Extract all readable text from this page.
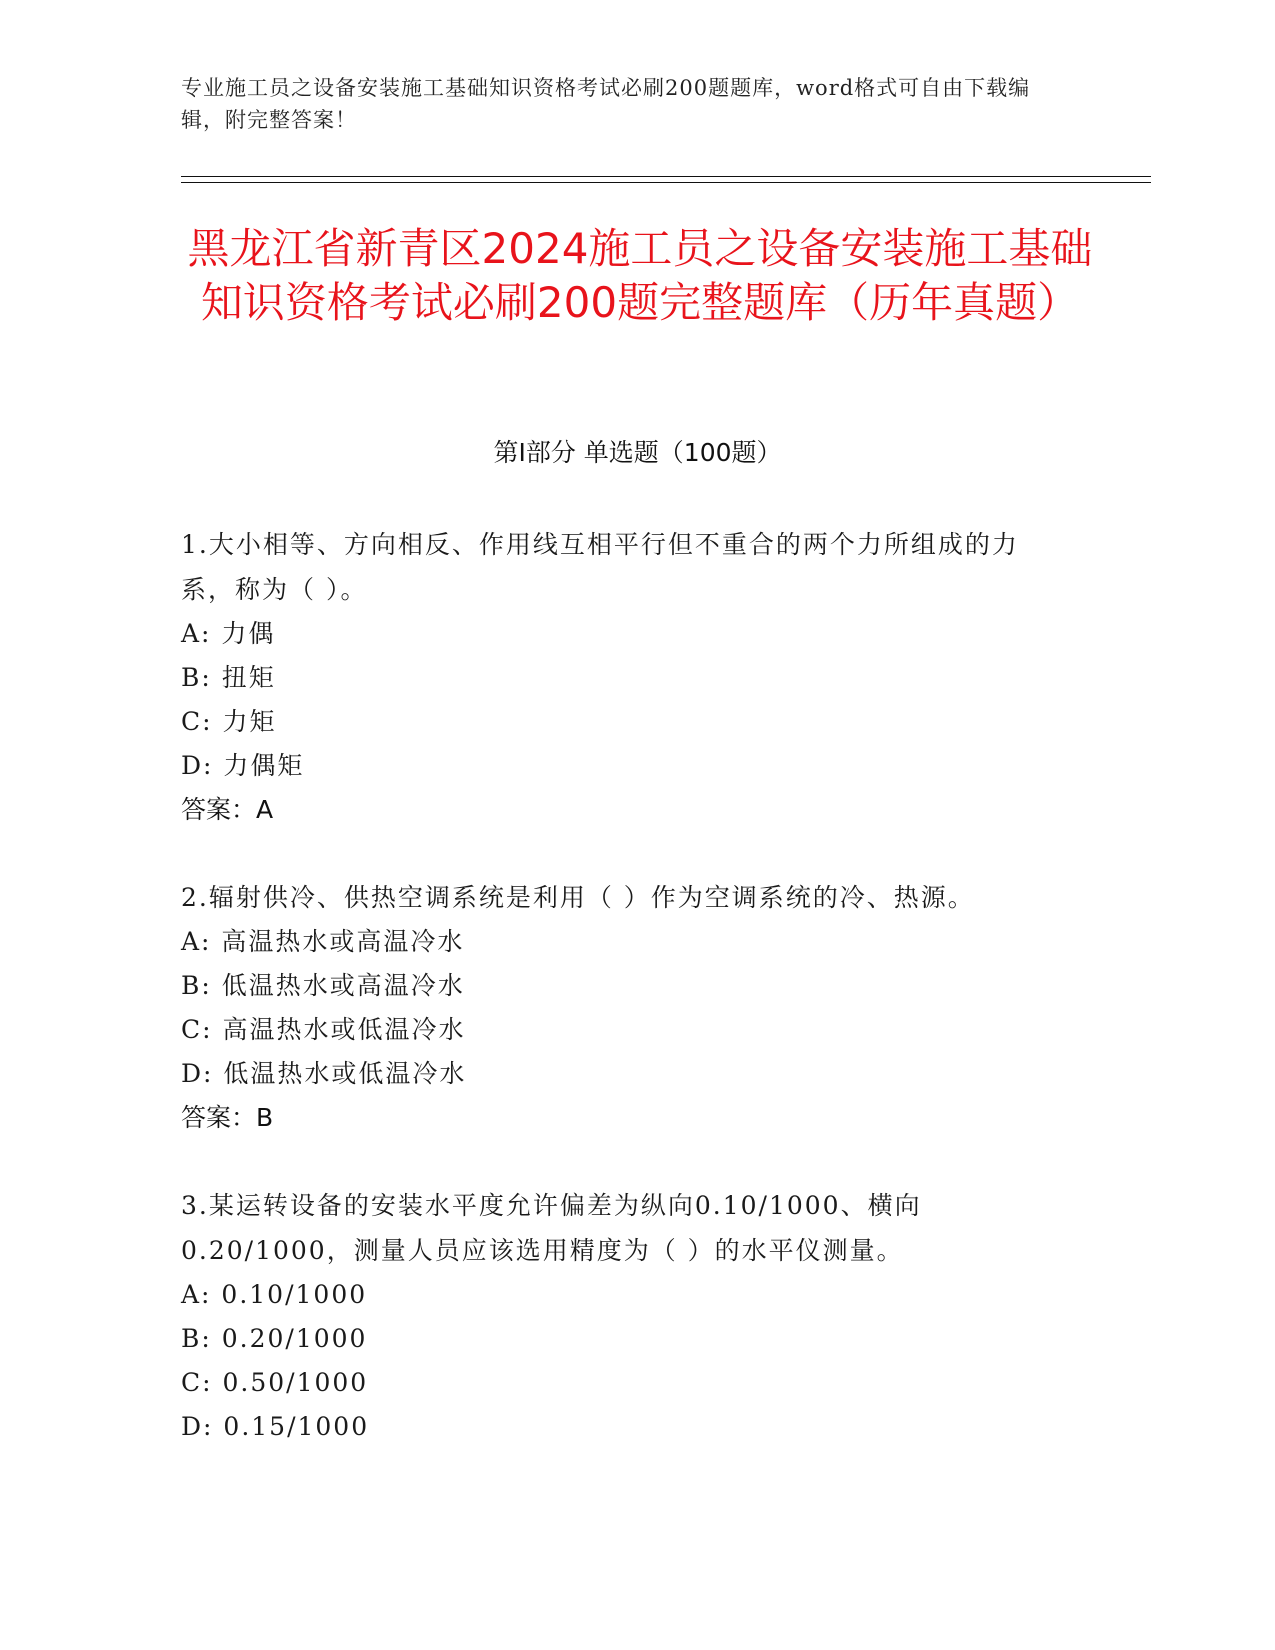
专业施工员之设备安装施工基础知识资格考试必刷200题题库，word格式可自由下载编辑，附完整答案！
黑龙江省新青区2024施工员之设备安装施工基础知识资格考试必刷200题完整题库（历年真题）
第Ⅰ部分 单选题（100题）
1.大小相等、方向相反、作用线互相平行但不重合的两个力所组成的力系，称为（ ）。
A: 力偶
B: 扭矩
C: 力矩
D: 力偶矩
答案：A
2.辐射供冷、供热空调系统是利用（ ）作为空调系统的冷、热源。
A: 高温热水或高温冷水
B: 低温热水或高温冷水
C: 高温热水或低温冷水
D: 低温热水或低温冷水
答案：B
3.某运转设备的安装水平度允许偏差为纵向0.10/1000、横向0.20/1000，测量人员应该选用精度为（ ）的水平仪测量。
A: 0.10/1000
B: 0.20/1000
C: 0.50/1000
D: 0.15/1000
